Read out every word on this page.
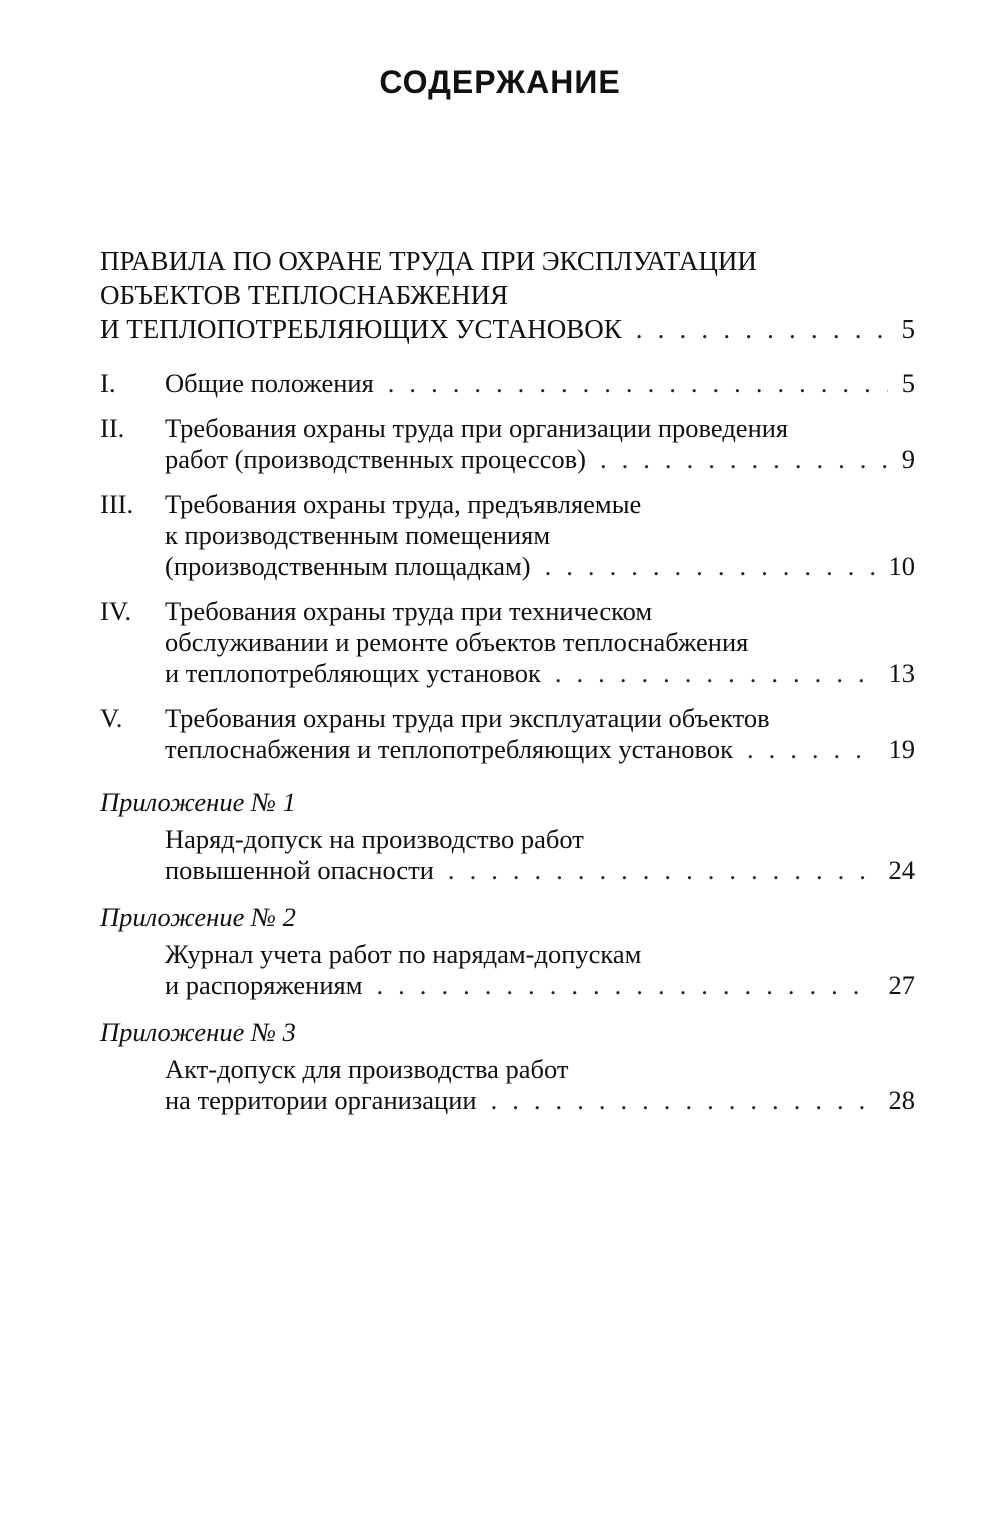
СОДЕРЖАНИЕ
ПРАВИЛА ПО ОХРАНЕ ТРУДА ПРИ ЭКСПЛУАТАЦИИ
ОБЪЕКТОВ ТЕПЛОСНАБЖЕНИЯ
И ТЕПЛОПОТРЕБЛЯЮЩИХ УСТАНОВОК . . .	5
I. Общие положения . . .	5
II. Требования охраны труда при организации проведения
работ (производственных процессов) . . .	9
III. Требования охраны труда, предъявляемые
к производственным помещениям
(производственным площадкам) . . .	10
IV. Требования охраны труда при техническом
обслуживании и ремонте объектов теплоснабжения
и теплопотребляющих установок . . .	13
V. Требования охраны труда при эксплуатации объектов
теплоснабжения и теплопотребляющих установок . . .	19
Приложение № 1
Наряд-допуск на производство работ
повышенной опасности . . .	24
Приложение № 2
Журнал учета работ по нарядам-допускам
и распоряжениям . . .	27
Приложение № 3
Акт-допуск для производства работ
на территории организации . . .	28
